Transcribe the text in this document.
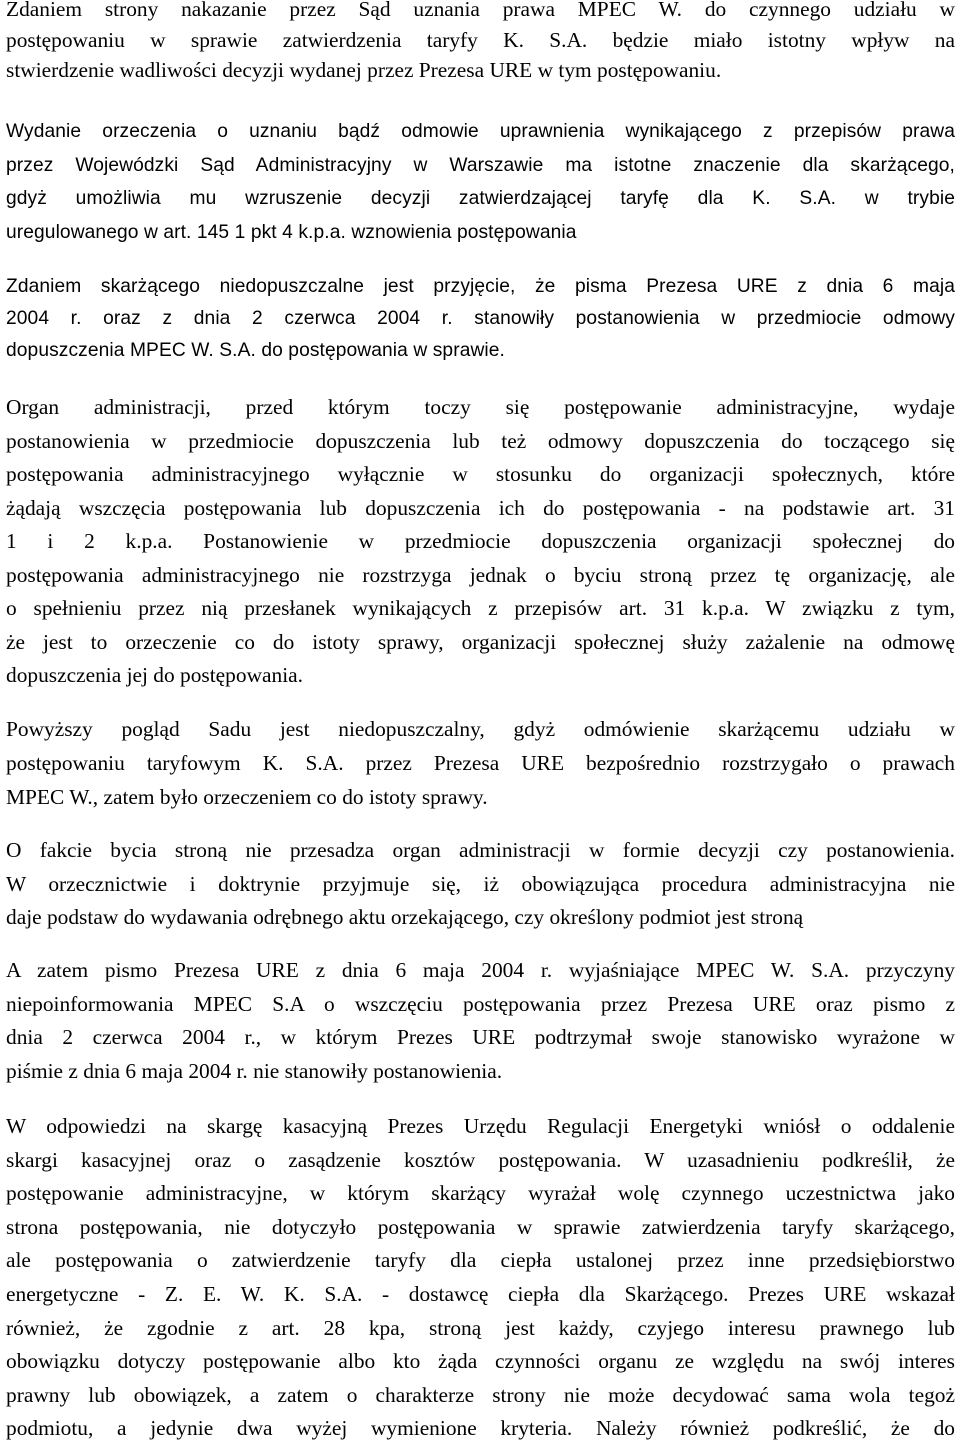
Zdaniem strony nakazanie przez Sąd uznania prawa MPEC W. do czynnego udziału w
postępowaniu w sprawie zatwierdzenia taryfy K. S.A. będzie miało istotny wpływ na
stwierdzenie wadliwości decyzji wydanej przez Prezesa URE w tym postępowaniu.
Wydanie orzeczenia o uznaniu bądź odmowie uprawnienia wynikającego z przepisów prawa
przez Wojewódzki Sąd Administracyjny w Warszawie ma istotne znaczenie dla skarżącego,
gdyż umożliwia mu wzruszenie decyzji zatwierdzającej taryfę dla K. S.A. w trybie
uregulowanego w art. 145 1 pkt 4 k.p.a. wznowienia postępowania
Zdaniem skarżącego niedopuszczalne jest przyjęcie, że pisma Prezesa URE z dnia 6 maja
2004 r. oraz z dnia 2 czerwca 2004 r. stanowiły postanowienia w przedmiocie odmowy
dopuszczenia MPEC W. S.A. do postępowania w sprawie.
Organ administracji, przed którym toczy się postępowanie administracyjne, wydaje
postanowienia w przedmiocie dopuszczenia lub też odmowy dopuszczenia do toczącego się
postępowania administracyjnego wyłącznie w stosunku do organizacji społecznych, które
żądają wszczęcia postępowania lub dopuszczenia ich do postępowania - na podstawie art. 31
1 i 2 k.p.a. Postanowienie w przedmiocie dopuszczenia organizacji społecznej do
postępowania administracyjnego nie rozstrzyga jednak o byciu stroną przez tę organizację, ale
o spełnieniu przez nią przesłanek wynikających z przepisów art. 31 k.p.a. W związku z tym,
że jest to orzeczenie co do istoty sprawy, organizacji społecznej służy zażalenie na odmowę
dopuszczenia jej do postępowania.
Powyższy pogląd Sadu jest niedopuszczalny, gdyż odmówienie skarżącemu udziału w
postępowaniu taryfowym K. S.A. przez Prezesa URE bezpośrednio rozstrzygało o prawach
MPEC W., zatem było orzeczeniem co do istoty sprawy.
O fakcie bycia stroną nie przesadza organ administracji w formie decyzji czy postanowienia.
W orzecznictwie i doktrynie przyjmuje się, iż obowiązująca procedura administracyjna nie
daje podstaw do wydawania odrębnego aktu orzekającego, czy określony podmiot jest stroną
A zatem pismo Prezesa URE z dnia 6 maja 2004 r. wyjaśniające MPEC W. S.A. przyczyny
niepoinformowania MPEC S.A o wszczęciu postępowania przez Prezesa URE oraz pismo z
dnia 2 czerwca 2004 r., w którym Prezes URE podtrzymał swoje stanowisko wyrażone w
piśmie z dnia 6 maja 2004 r. nie stanowiły postanowienia.
W odpowiedzi na skargę kasacyjną Prezes Urzędu Regulacji Energetyki wniósł o oddalenie
skargi kasacyjnej oraz o zasądzenie kosztów postępowania. W uzasadnieniu podkreślił, że
postępowanie administracyjne, w którym skarżący wyrażał wolę czynnego uczestnictwa jako
strona postępowania, nie dotyczyło postępowania w sprawie zatwierdzenia taryfy skarżącego,
ale postępowania o zatwierdzenie taryfy dla ciepła ustalonej przez inne przedsiębiorstwo
energetyczne - Z. E. W. K. S.A. - dostawcę ciepła dla Skarżącego. Prezes URE wskazał
również, że zgodnie z art. 28 kpa, stroną jest każdy, czyjego interesu prawnego lub
obowiązku dotyczy postępowanie albo kto żąda czynności organu ze względu na swój interes
prawny lub obowiązek, a zatem o charakterze strony nie może decydować sama wola tegoż
podmiotu, a jedynie dwa wyżej wymienione kryteria. Należy również podkreślić, że do
